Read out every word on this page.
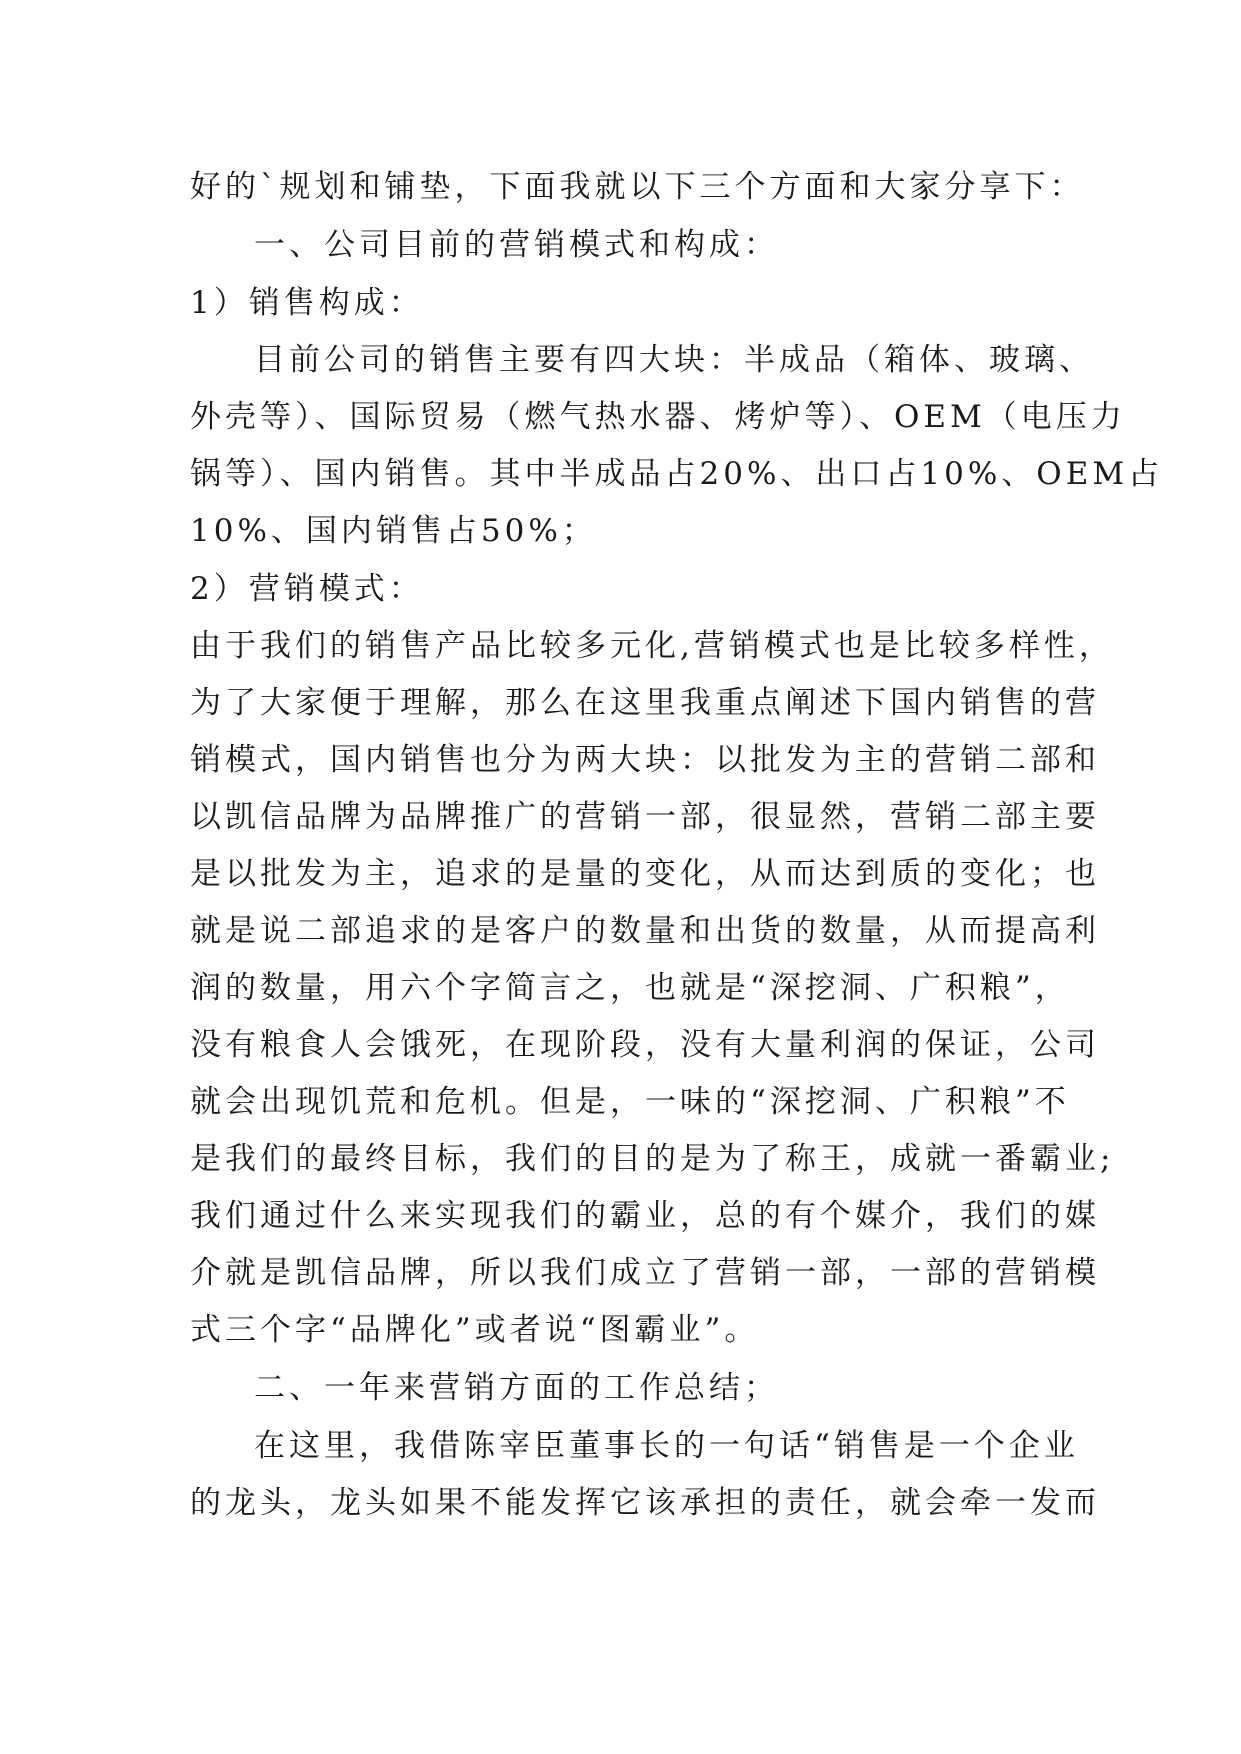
好的`规划和铺垫，下面我就以下三个方面和大家分享下：

一、公司目前的营销模式和构成：

1）销售构成：

目前公司的销售主要有四大块：半成品（箱体、玻璃、

外壳等）、国际贸易（燃气热水器、烤炉等）、OEM（电压力

锅等）、国内销售。其中半成品占20%、出口占10%、OEM占

10%、国内销售占50%；

2）营销模式：

由于我们的销售产品比较多元化,营销模式也是比较多样性，

为了大家便于理解，那么在这里我重点阐述下国内销售的营

销模式，国内销售也分为两大块：以批发为主的营销二部和

以凯信品牌为品牌推广的营销一部，很显然，营销二部主要

是以批发为主，追求的是量的变化，从而达到质的变化；也

就是说二部追求的是客户的数量和出货的数量，从而提高利

润的数量，用六个字简言之，也就是“深挖洞、广积粮”，

没有粮食人会饿死，在现阶段，没有大量利润的保证，公司

就会出现饥荒和危机。但是，一味的“深挖洞、广积粮”不

是我们的最终目标，我们的目的是为了称王，成就一番霸业;

我们通过什么来实现我们的霸业，总的有个媒介，我们的媒

介就是凯信品牌，所以我们成立了营销一部，一部的营销模

式三个字“品牌化”或者说“图霸业”。

二、一年来营销方面的工作总结；

在这里，我借陈宰臣董事长的一句话“销售是一个企业

的龙头，龙头如果不能发挥它该承担的责任，就会牵一发而
